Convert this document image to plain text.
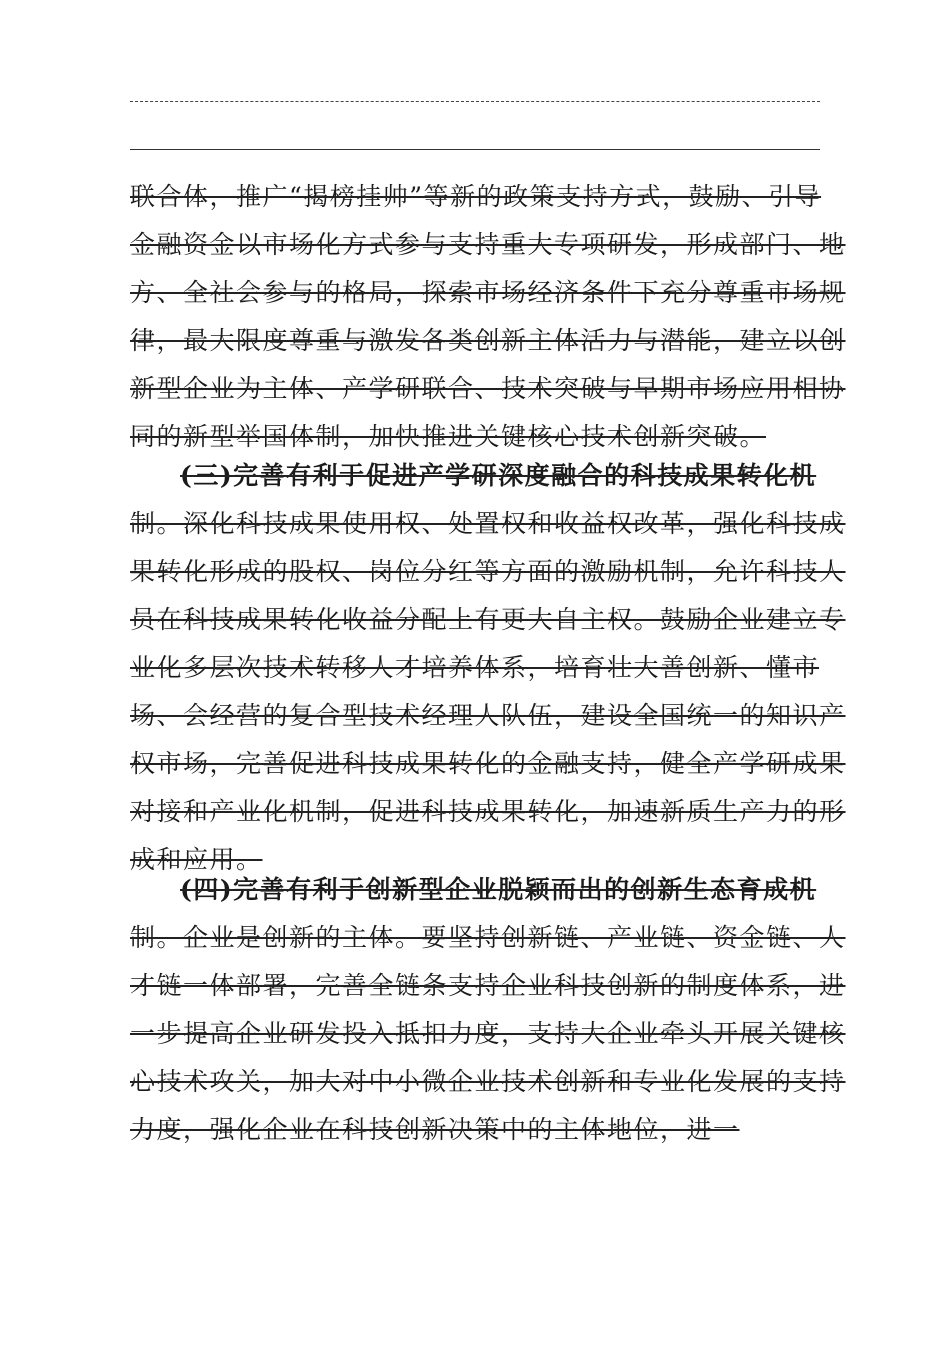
联合体，推广“揭榜挂帅”等新的政策支持方式，鼓励、引导
金融资金以市场化方式参与支持重大专项研发，形成部门、地
方、全社会参与的格局，探索市场经济条件下充分尊重市场规
律，最大限度尊重与激发各类创新主体活力与潜能，建立以创
新型企业为主体、产学研联合、技术突破与早期市场应用相协
同的新型举国体制，加快推进关键核心技术创新突破。
(三)完善有利于促进产学研深度融合的科技成果转化机
制。深化科技成果使用权、处置权和收益权改革，强化科技成
果转化形成的股权、岗位分红等方面的激励机制，允许科技人
员在科技成果转化收益分配上有更大自主权。鼓励企业建立专
业化多层次技术转移人才培养体系，培育壮大善创新、懂市
场、会经营的复合型技术经理人队伍，建设全国统一的知识产
权市场，完善促进科技成果转化的金融支持，健全产学研成果
对接和产业化机制，促进科技成果转化，加速新质生产力的形
成和应用。
(四)完善有利于创新型企业脱颖而出的创新生态育成机
制。企业是创新的主体。要坚持创新链、产业链、资金链、人
才链一体部署，完善全链条支持企业科技创新的制度体系，进
一步提高企业研发投入抵扣力度，支持大企业牵头开展关键核
心技术攻关，加大对中小微企业技术创新和专业化发展的支持
力度，强化企业在科技创新决策中的主体地位，进一
